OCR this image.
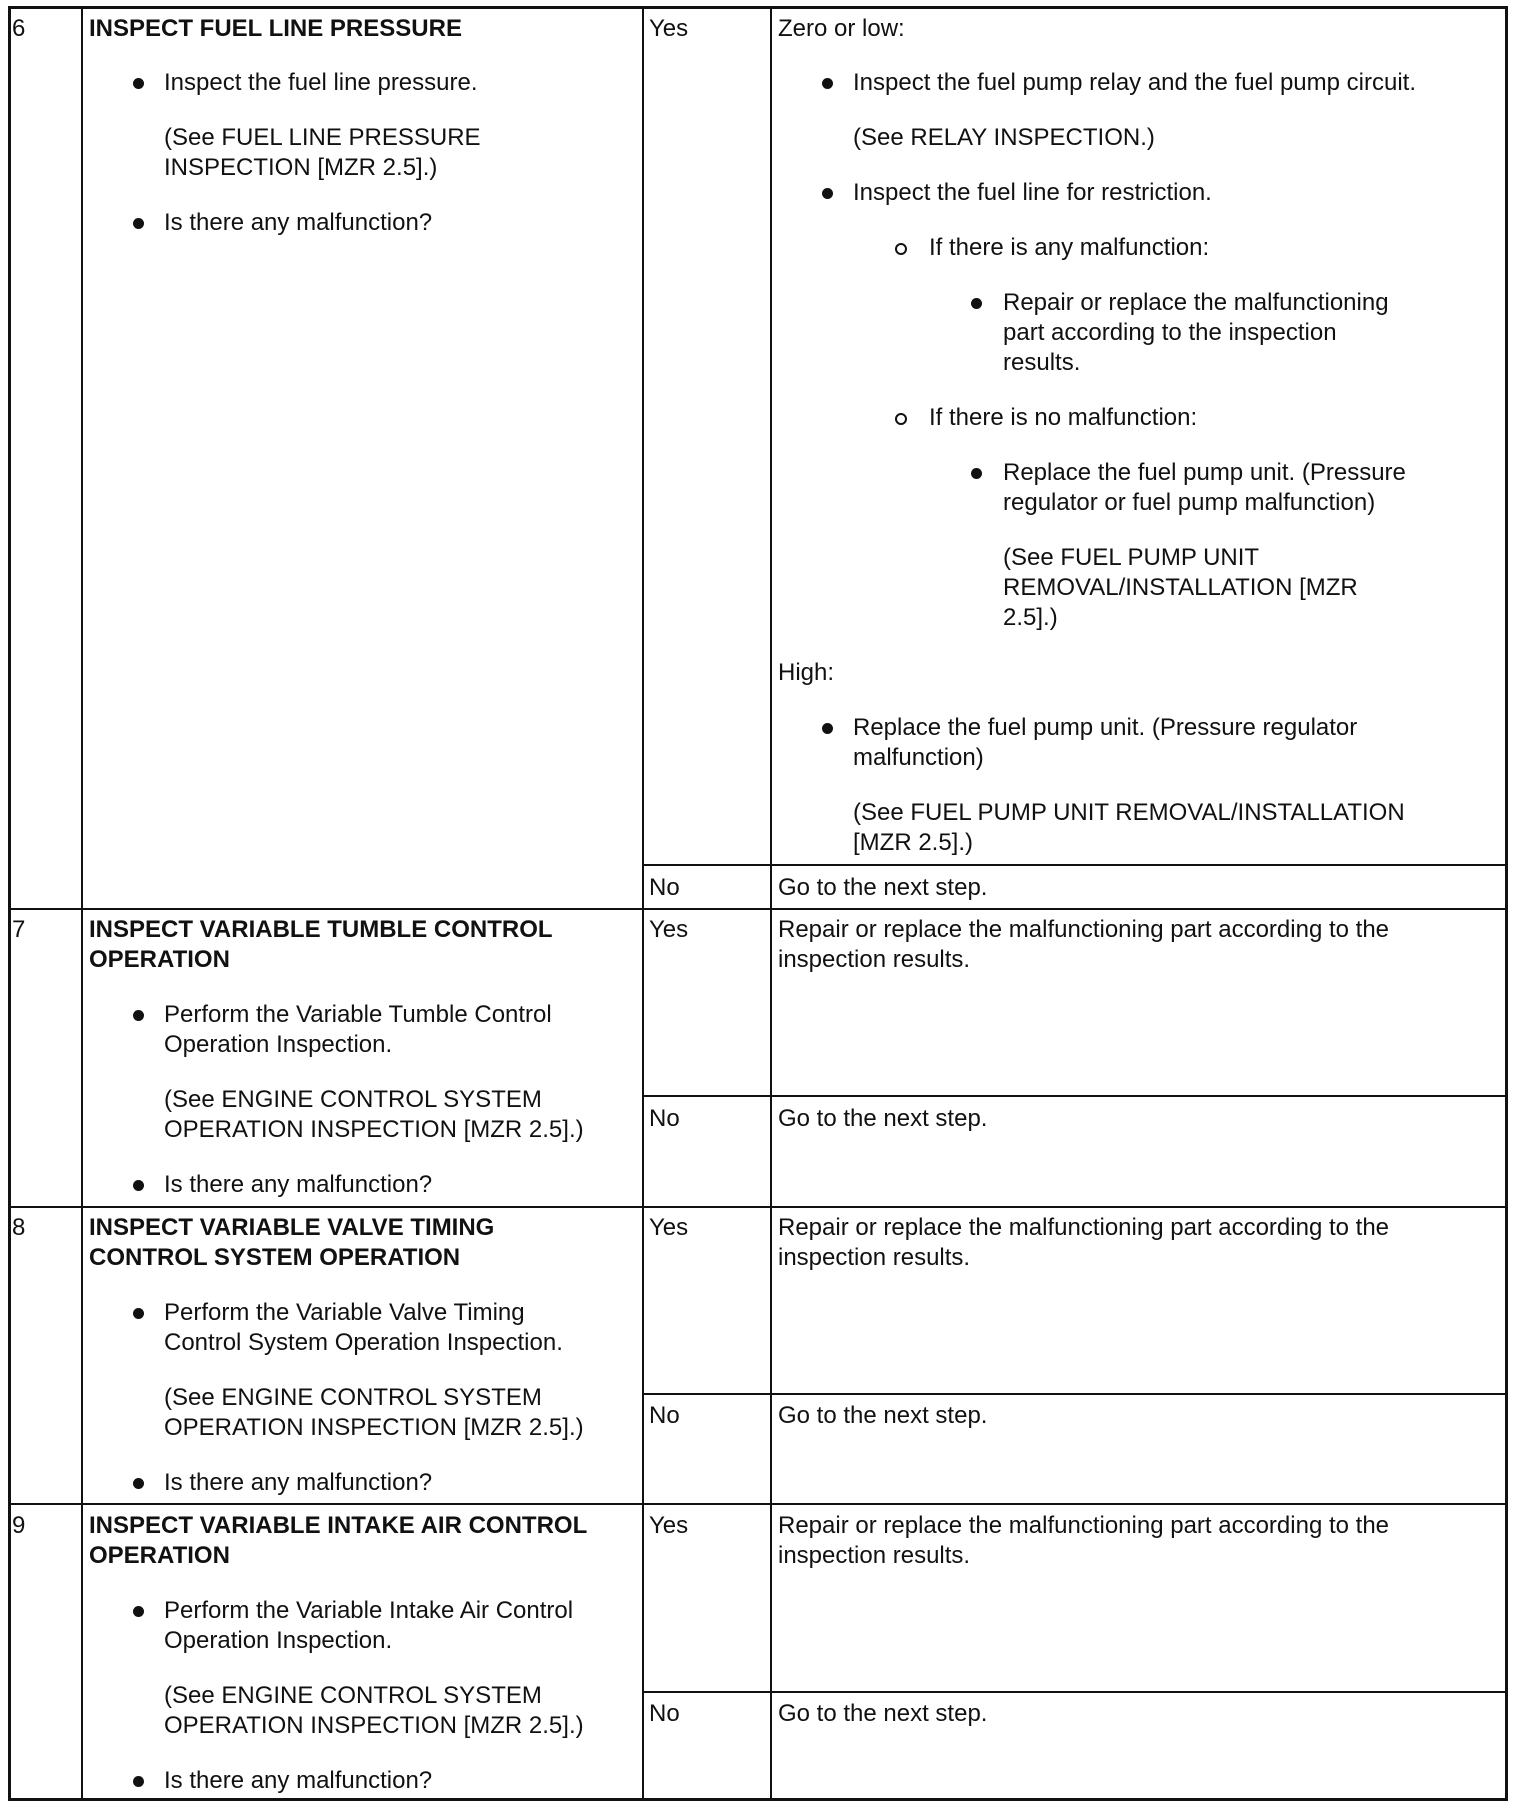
6	INSPECT FUEL LINE PRESSURE
Inspect the fuel line pressure.
(See FUEL LINE PRESSURE
INSPECTION [MZR 2.5].)
Is there any malfunction?
Yes	Zero or low:
Inspect the fuel pump relay and the fuel pump circuit.
(See RELAY INSPECTION.)
Inspect the fuel line for restriction.
If there is any malfunction:
Repair or replace the malfunctioning
part according to the inspection
results.
If there is no malfunction:
Replace the fuel pump unit. (Pressure
regulator or fuel pump malfunction)
(See FUEL PUMP UNIT
REMOVAL/INSTALLATION [MZR
2.5].)
High:
Replace the fuel pump unit. (Pressure regulator
malfunction)
(See FUEL PUMP UNIT REMOVAL/INSTALLATION
[MZR 2.5].)
No	Go to the next step.
7	INSPECT VARIABLE TUMBLE CONTROL
OPERATION
Perform the Variable Tumble Control
Operation Inspection.
(See ENGINE CONTROL SYSTEM
OPERATION INSPECTION [MZR 2.5].)
Is there any malfunction?
Yes	Repair or replace the malfunctioning part according to the
inspection results.
No	Go to the next step.
8	INSPECT VARIABLE VALVE TIMING
CONTROL SYSTEM OPERATION
Perform the Variable Valve Timing
Control System Operation Inspection.
(See ENGINE CONTROL SYSTEM
OPERATION INSPECTION [MZR 2.5].)
Is there any malfunction?
Yes	Repair or replace the malfunctioning part according to the
inspection results.
No	Go to the next step.
9	INSPECT VARIABLE INTAKE AIR CONTROL
OPERATION
Perform the Variable Intake Air Control
Operation Inspection.
(See ENGINE CONTROL SYSTEM
OPERATION INSPECTION [MZR 2.5].)
Is there any malfunction?
Yes	Repair or replace the malfunctioning part according to the
inspection results.
No	Go to the next step.
